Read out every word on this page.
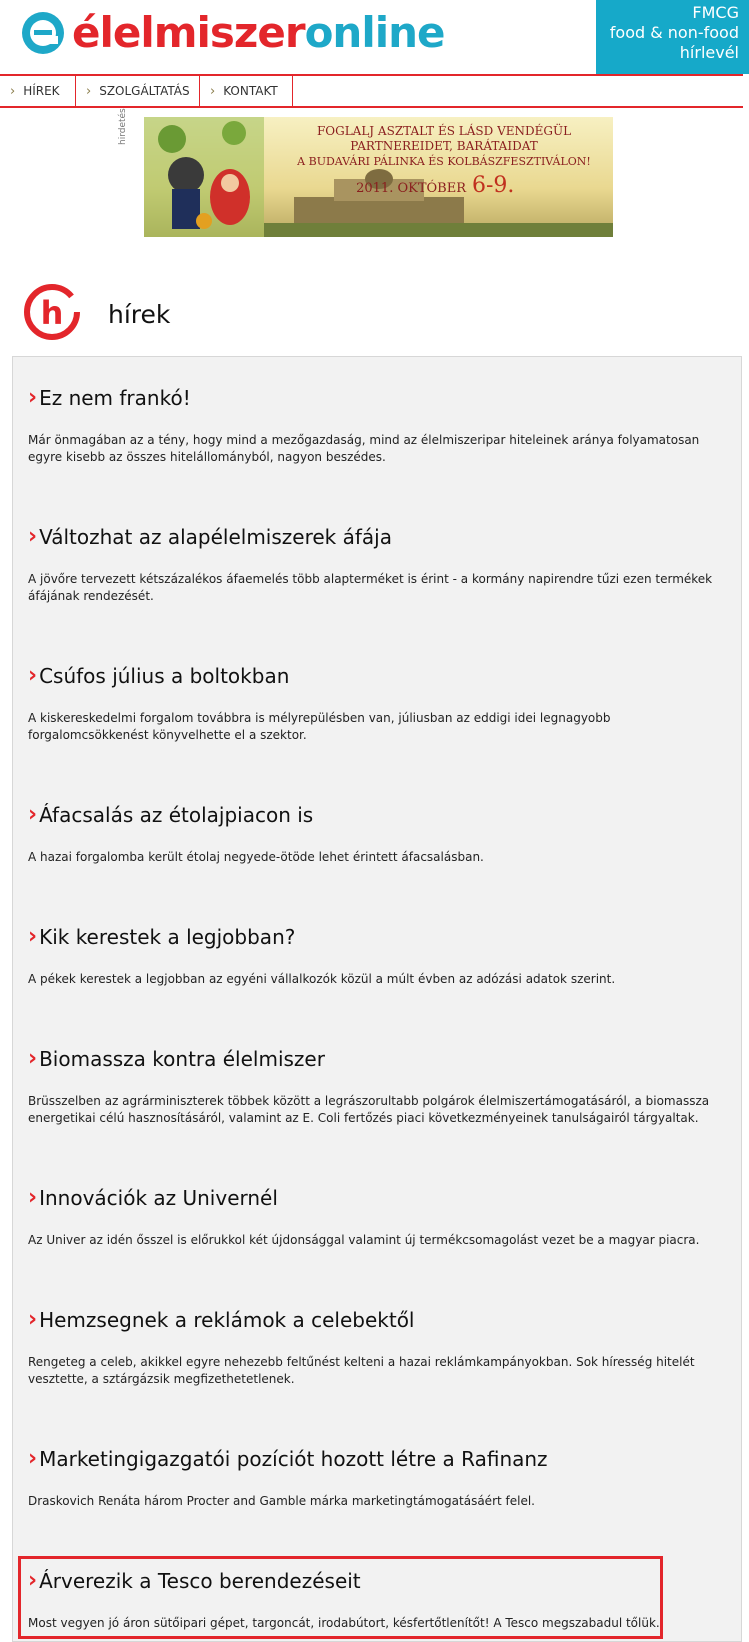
élelmiszeronline	FMCG
food & non-food
hírlevél
› HÍREK › SZOLGÁLTATÁS › KONTAKT
hirdetés	FOGLALJ ASZTALT ÉS LÁSD VENDÉGÜL
PARTNEREIDET, BARÁTAIDAT
A BUDAVÁRI PÁLINKA ÉS KOLBÁSZFESZTIVÁLON!
2011. OKTÓBER 6-9.
h hírek
› Ez nem frankó!
Már önmagában az a tény, hogy mind a mezőgazdaság, mind az élelmiszeripar hiteleinek aránya folyamatosan egyre kisebb az összes hitelállományból, nagyon beszédes.
› Változhat az alapélelmiszerek áfája
A jövőre tervezett kétszázalékos áfaemelés több alapterméket is érint - a kormány napirendre tűzi ezen termékek áfájának rendezését.
› Csúfos július a boltokban
A kiskereskedelmi forgalom továbbra is mélyrepülésben van, júliusban az eddigi idei legnagyobb forgalomcsökkenést könyvelhette el a szektor.
› Áfacsalás az étolajpiacon is
A hazai forgalomba került étolaj negyede-ötöde lehet érintett áfacsalásban.
› Kik kerestek a legjobban?
A pékek kerestek a legjobban az egyéni vállalkozók közül a múlt évben az adózási adatok szerint.
› Biomassza kontra élelmiszer
Brüsszelben az agrárminiszterek többek között a legrászorultabb polgárok élelmiszertámogatásáról, a biomassza energetikai célú hasznosításáról, valamint az E. Coli fertőzés piaci következményeinek tanulságairól tárgyaltak.
› Innovációk az Univernél
Az Univer az idén ősszel is előrukkol két újdonsággal valamint új termékcsomagolást vezet be a magyar piacra.
› Hemzsegnek a reklámok a celebektől
Rengeteg a celeb, akikkel egyre nehezebb feltűnést kelteni a hazai reklámkampányokban. Sok híresség hitelét vesztette, a sztárgázsik megfizethetetlenek.
› Marketingigazgatói pozíciót hozott létre a Rafinanz
Draskovich Renáta három Procter and Gamble márka marketingtámogatásáért felel.
› Árverezik a Tesco berendezéseit
Most vegyen jó áron sütőipari gépet, targoncát, irodabútort, késfertőtlenítőt! A Tesco megszabadul tőlük.
